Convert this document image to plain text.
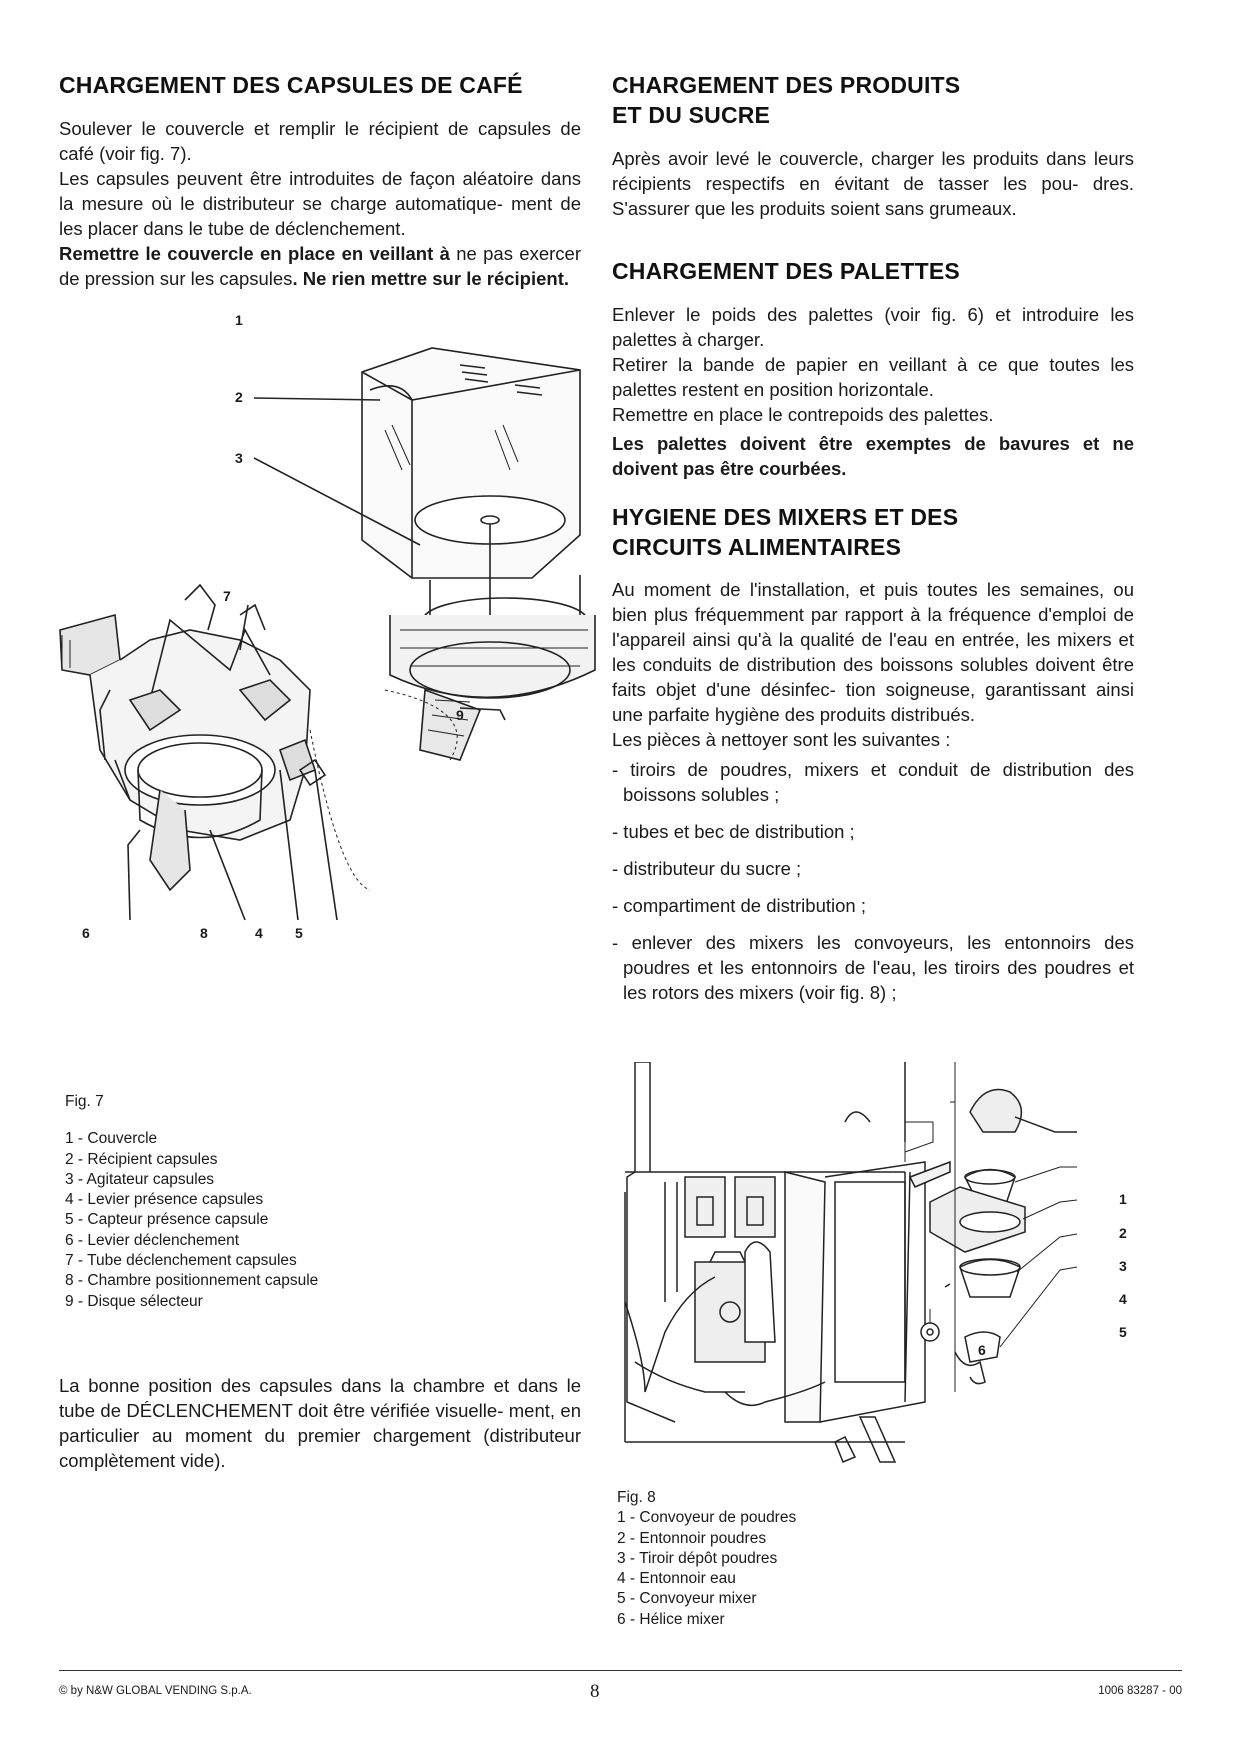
CHARGEMENT DES CAPSULES DE CAFÉ

Soulever le couvercle et remplir le récipient de capsules de café (voir fig. 7).

Les capsules peuvent être introduites de façon aléatoire dans la mesure où le distributeur se charge automatique- ment de les placer dans le tube de déclenchement.

Remettre le couvercle en place en veillant à ne pas exercer de pression sur les capsules. Ne rien mettre sur le récipient.

1
2
3
7
9
6	8	4 5
Fig. 7
1 - Couvercle
2 - Récipient capsules
3 - Agitateur capsules
4 - Levier présence capsules
5 - Capteur présence capsule
6 - Levier déclenchement
7 - Tube déclenchement capsules
8 - Chambre positionnement capsule
9 - Disque sélecteur

La bonne position des capsules dans la chambre et dans le tube de DÉCLENCHEMENT doit être vérifiée visuelle- ment, en particulier au moment du premier chargement (distributeur complètement vide).

CHARGEMENT DES PRODUITS ET DU SUCRE

Après avoir levé le couvercle, charger les produits dans leurs récipients respectifs en évitant de tasser les pou- dres. S'assurer que les produits soient sans grumeaux.

CHARGEMENT DES PALETTES

Enlever le poids des palettes (voir fig. 6) et introduire les palettes à charger.

Retirer la bande de papier en veillant à ce que toutes les palettes restent en position horizontale.

Remettre en place le contrepoids des palettes.

Les palettes doivent être exemptes de bavures et ne doivent pas être courbées.

HYGIENE DES MIXERS ET DES CIRCUITS ALIMENTAIRES

Au moment de l'installation, et puis toutes les semaines, ou bien plus fréquemment par rapport à la fréquence d'emploi de l'appareil ainsi qu'à la qualité de l'eau en entrée, les mixers et les conduits de distribution des boissons solubles doivent être faits objet d'une désinfec- tion soigneuse, garantissant ainsi une parfaite hygiène des produits distribués.

Les pièces à nettoyer sont les suivantes :

- tiroirs de poudres, mixers et conduit de distribution des boissons solubles ;

- tubes et bec de distribution ;

- distributeur du sucre ;

- compartiment de distribution ;

- enlever des mixers les convoyeurs, les entonnoirs des poudres et les entonnoirs de l'eau, les tiroirs des poudres et les rotors des mixers (voir fig. 8) ;

1
2
3
4
5
6
Fig. 8
1 - Convoyeur de poudres
2 - Entonnoir poudres
3 - Tiroir dépôt poudres
4 - Entonnoir eau
5 - Convoyeur mixer
6 - Hélice mixer
© by N&W GLOBAL VENDING S.p.A.	8	1006 83287 - 00
